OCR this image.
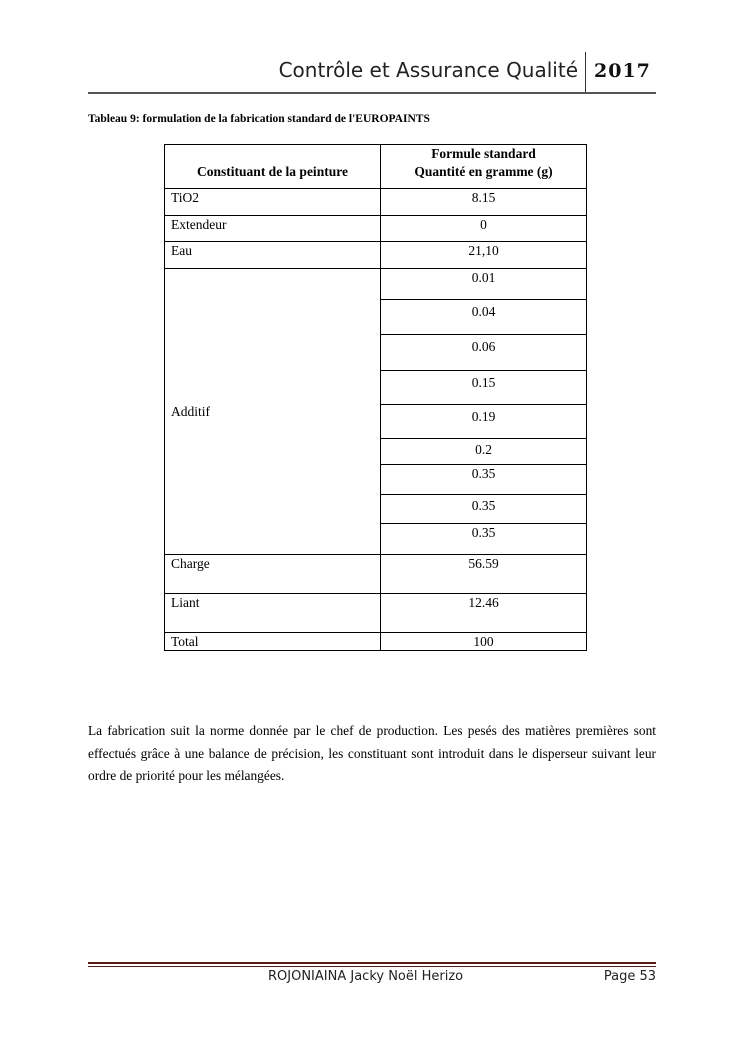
Contrôle et Assurance Qualité 2017
Tableau 9: formulation de la fabrication standard de l'EUROPAINTS
Constituant de la peinture	Formule standard
Quantité en gramme (g)

TiO2	8.15
Extendeur	0
Eau	21,10
Additif	0.01
	0.04
	0.06
	0.15
	0.19
	0.2
	0.35
	0.35
	0.35
Charge	56.59
Liant	12.46
Total	100

La fabrication suit la norme donnée par le chef de production. Les pesés des matières premières sont effectués grâce à une balance de précision, les constituant sont introduit dans le disperseur suivant leur ordre de priorité pour les mélangées.

ROJONIAINA Jacky Noël Herizo	Page 53
